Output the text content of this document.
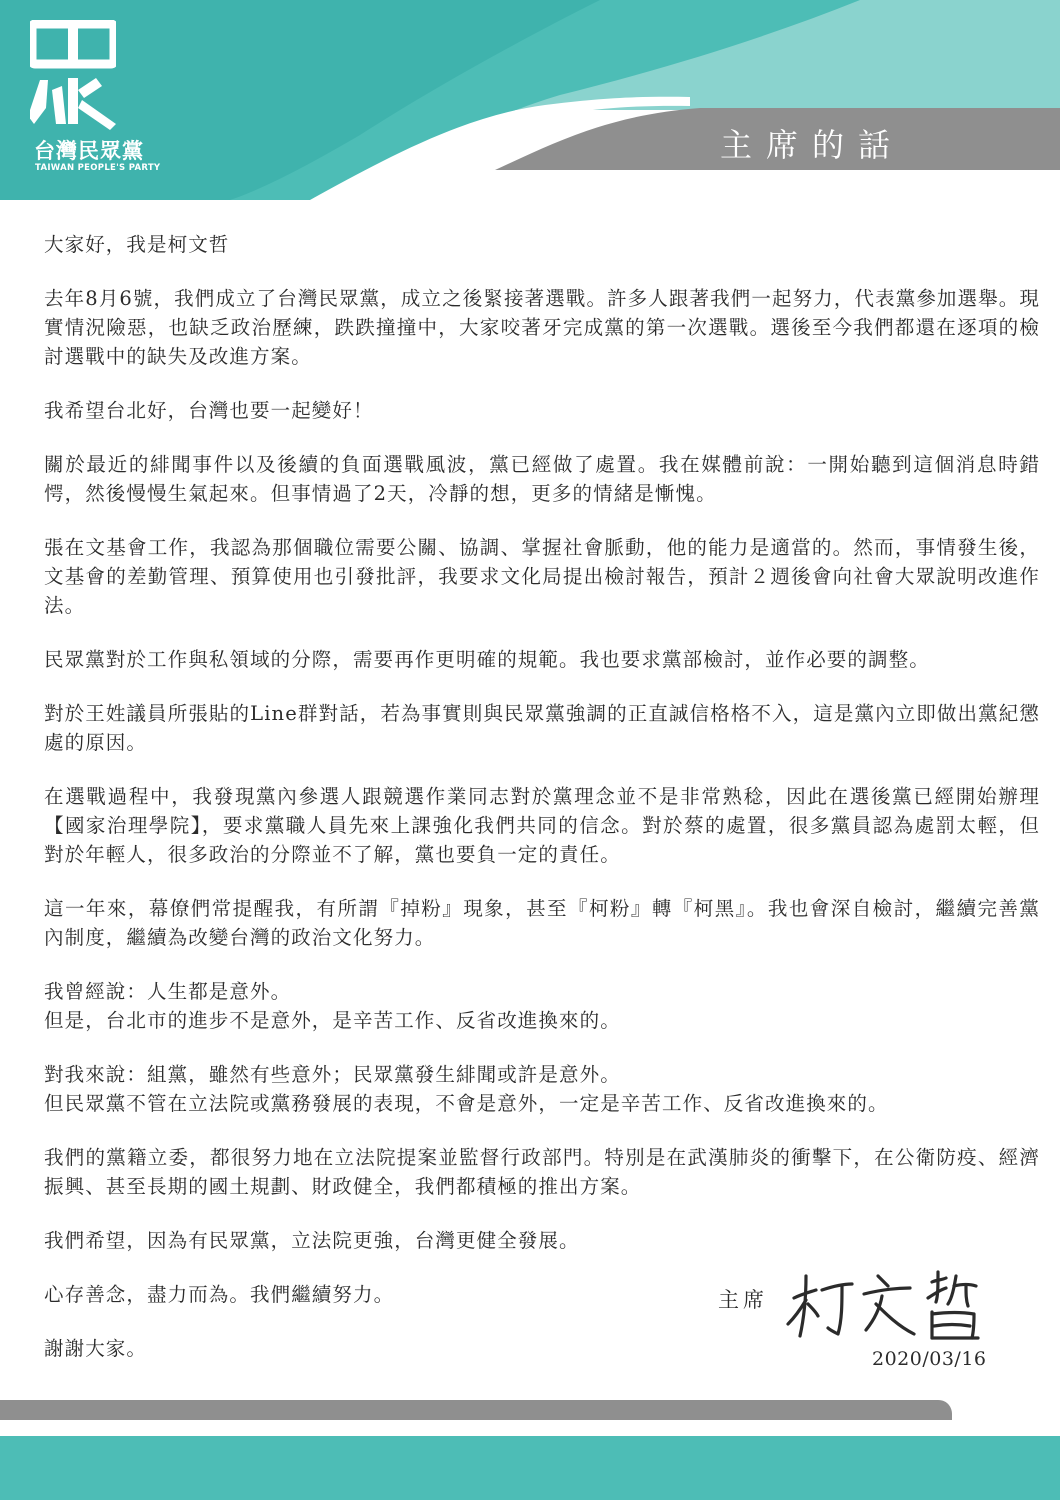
台灣民眾黨
TAIWAN PEOPLE'S PARTY
主席的話

大家好，我是柯文哲

去年8月6號，我們成立了台灣民眾黨，成立之後緊接著選戰。許多人跟著我們一起努力，代表黨參加選舉。現實情況險惡，也缺乏政治歷練，跌跌撞撞中，大家咬著牙完成黨的第一次選戰。選後至今我們都還在逐項的檢討選戰中的缺失及改進方案。

我希望台北好，台灣也要一起變好！

關於最近的緋聞事件以及後續的負面選戰風波，黨已經做了處置。我在媒體前說：一開始聽到這個消息時錯愕，然後慢慢生氣起來。但事情過了2天，冷靜的想，更多的情緒是慚愧。

張在文基會工作，我認為那個職位需要公關、協調、掌握社會脈動，他的能力是適當的。然而，事情發生後，文基會的差勤管理、預算使用也引發批評，我要求文化局提出檢討報告，預計２週後會向社會大眾說明改進作法。

民眾黨對於工作與私領域的分際，需要再作更明確的規範。我也要求黨部檢討，並作必要的調整。

對於王姓議員所張貼的Line群對話，若為事實則與民眾黨強調的正直誠信格格不入，這是黨內立即做出黨紀懲處的原因。

在選戰過程中，我發現黨內參選人跟競選作業同志對於黨理念並不是非常熟稔，因此在選後黨已經開始辦理【國家治理學院】，要求黨職人員先來上課強化我們共同的信念。對於蔡的處置，很多黨員認為處罰太輕，但對於年輕人，很多政治的分際並不了解，黨也要負一定的責任。

這一年來，幕僚們常提醒我，有所謂『掉粉』現象，甚至『柯粉』轉『柯黑』。我也會深自檢討，繼續完善黨內制度，繼續為改變台灣的政治文化努力。

我曾經說：人生都是意外。

但是，台北市的進步不是意外，是辛苦工作、反省改進換來的。

對我來說：組黨，雖然有些意外；民眾黨發生緋聞或許是意外。

但民眾黨不管在立法院或黨務發展的表現，不會是意外，一定是辛苦工作、反省改進換來的。

我們的黨籍立委，都很努力地在立法院提案並監督行政部門。特別是在武漢肺炎的衝擊下，在公衛防疫、經濟振興、甚至長期的國土規劃、財政健全，我們都積極的推出方案。

我們希望，因為有民眾黨，立法院更強，台灣更健全發展。

心存善念，盡力而為。我們繼續努力。

謝謝大家。

主席
2020/03/16
